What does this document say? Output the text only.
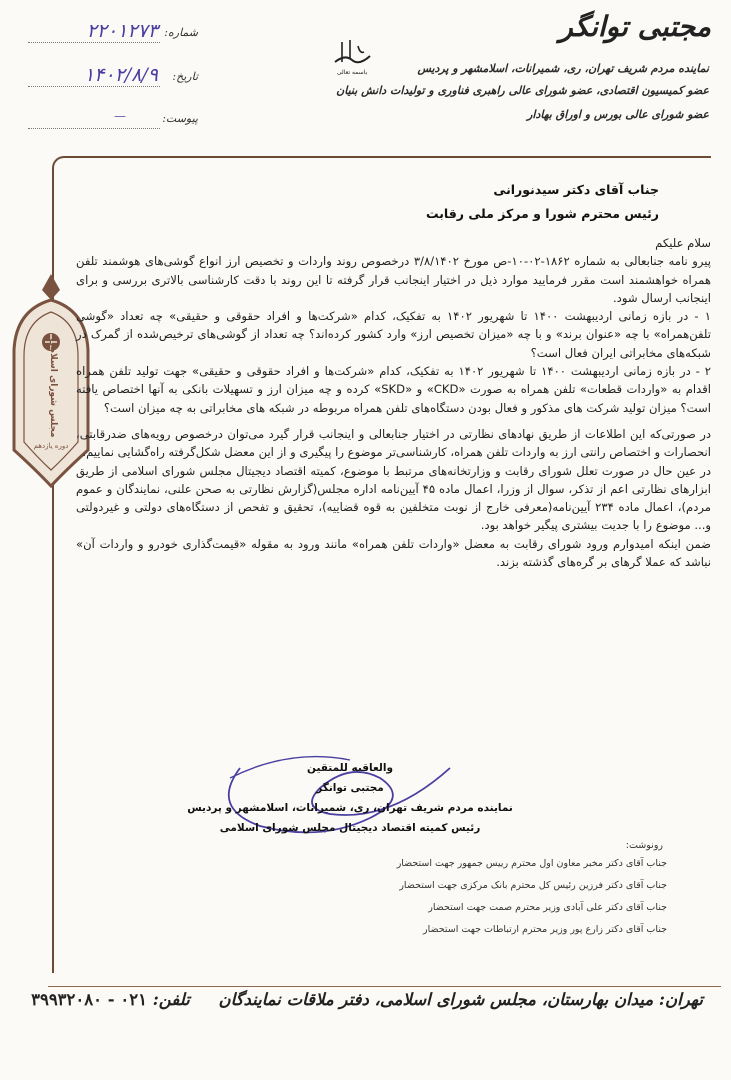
مجتبی توانگر
نماینده مردم شریف تهران، ری، شمیرانات، اسلامشهر و پردیس
عضو کمیسیون اقتصادی، عضو شورای عالی راهبری فناوری و تولیدات دانش بنیان
عضو شورای عالی بورس و اوراق بهادار
باسمه تعالی
شماره:
۲۲۰۱۲۷۳
تاریخ:
۱۴۰۲/۸/۹
پیوست:
—
مجلس شورای اسلامی
دوره یازدهم
جناب آقای دکتر سیدنورانی
رئیس محترم شورا و مرکز ملی رقابت

سلام علیکم

پیرو نامه جنابعالی به شماره ۱۸۶۲-۰۲-۱۰-ص مورخ ۳/۸/۱۴۰۲ درخصوص روند واردات و تخصیص ارز انواع گوشی‌های هوشمند تلفن همراه خواهشمند است مقرر فرمایید موارد ذیل در اختیار اینجانب قرار گرفته تا این روند با دقت کارشناسی بالاتری بررسی و برای اینجانب ارسال شود.

۱ - در بازه زمانی اردیبهشت ۱۴۰۰ تا شهریور ۱۴۰۲ به تفکیک، کدام «شرکت‌ها و افراد حقوقی و حقیقی» چه تعداد «گوشی تلفن‌همراه» با چه «عنوان برند» و با چه «میزان تخصیص ارز» وارد کشور کرده‌اند؟ چه تعداد از گوشی‌های ترخیص‌شده از گمرک در شبکه‌های مخابراتی ایران فعال است؟

۲ - در بازه زمانی اردیبهشت ۱۴۰۰ تا شهریور ۱۴۰۲ به تفکیک، کدام «شرکت‌ها و افراد حقوقی و حقیقی» جهت تولید تلفن همراه اقدام به «واردات قطعات» تلفن همراه به صورت «CKD» و «SKD» کرده و چه میزان ارز و تسهیلات بانکی به آنها اختصاص یافته است؟ میزان تولید شرکت های مذکور و فعال بودن دستگاه‌های تلفن همراه مربوطه در شبکه های مخابراتی به چه میزان است؟

در صورتی‌که این اطلاعات از طریق نهادهای نظارتی در اختیار جنابعالی و اینجانب قرار گیرد می‌توان درخصوص رویه‌های ضدرقابتی، انحصارات و اختصاص رانتی ارز به واردات تلفن همراه، کارشناسی‌تر موضوع را پیگیری و از این معضل شکل‌گرفته راه‌گشایی نماییم.

در عین حال در صورت تعلل شورای رقابت و وزارتخانه‌های مرتبط با موضوع، کمیته اقتصاد دیجیتال مجلس شورای اسلامی از طریق ابزارهای نظارتی اعم از تذکر، سوال از وزرا، اعمال ماده ۴۵ آیین‌نامه اداره مجلس(گزارش نظارتی به صحن علنی، نمایندگان و عموم مردم)، اعمال ماده ۲۳۴ آیین‌نامه(معرفی خارج از نوبت متخلفین به قوه قضاییه)، تحقیق و تفحص از دستگاه‌های دولتی و غیردولتی و... موضوع را با جدیت بیشتری پیگیر خواهد بود.

ضمن اینکه امیدوارم ورود شورای رقابت به معضل «واردات تلفن همراه» مانند ورود به مقوله «قیمت‌گذاری خودرو و واردات آن» نباشد که عملا گرهای بر گره‌های گذشته بزند.

والعاقبه للمتقین
مجتبی توانگر
نماینده مردم شریف تهران، ری، شمیرانات، اسلامشهر و پردیس
رئیس کمیته اقتصاد دیجیتال مجلس شورای اسلامی
رونوشت:
جناب آقای دکتر مخبر معاون اول محترم رییس جمهور جهت استحضار
جناب آقای دکتر فرزین رئیس کل محترم بانک مرکزی جهت استحضار
جناب آقای دکتر علی آبادی وزیر محترم صمت جهت استحضار
جناب آقای دکتر زارع پور وزیر محترم ارتباطات جهت استحضار
تهران: میدان بهارستان، مجلس شورای اسلامی، دفتر ملاقات نمایندگان     تلفن: ۰۲۱ - ۳۹۹۳۲۰۸۰
